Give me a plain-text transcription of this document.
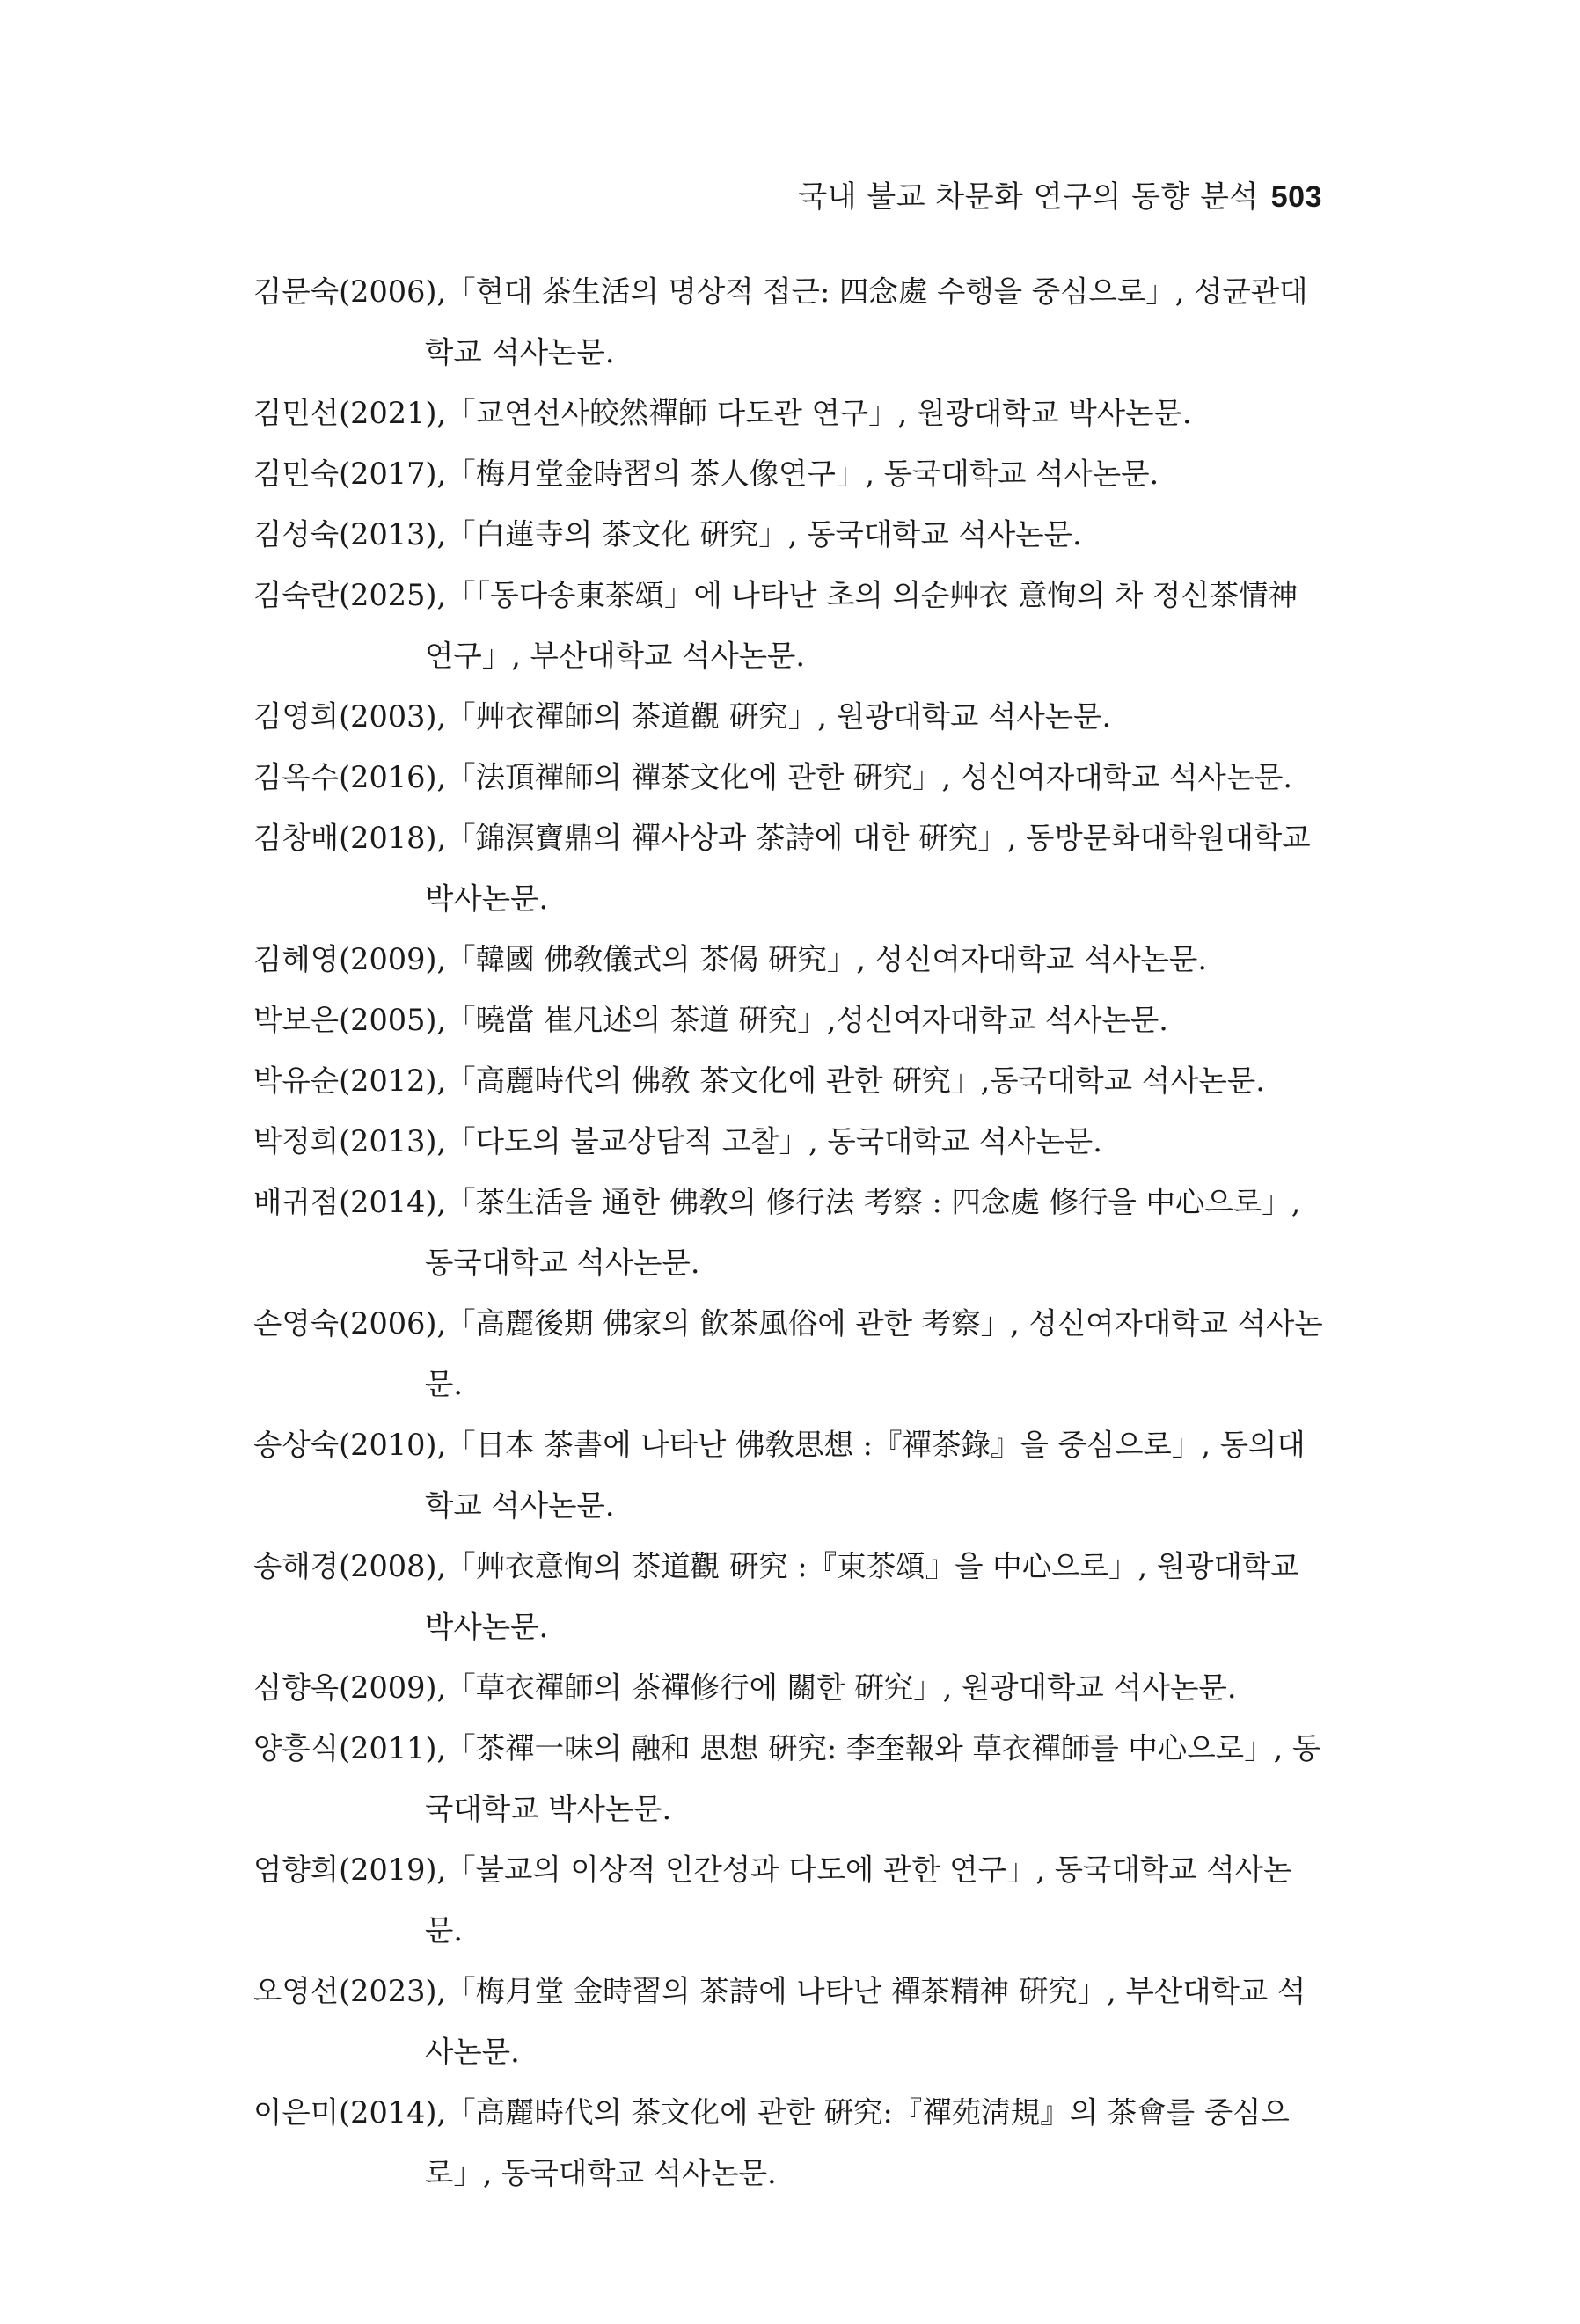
국내 불교 차문화 연구의 동향 분석 503
김문숙(2006),「현대 茶生活의 명상적 접근: 四念處 수행을 중심으로」, 성균관대학교 석사논문.
김민선(2021),「교연선사皎然禪師 다도관 연구」, 원광대학교 박사논문.
김민숙(2017),「梅月堂金時習의 茶人像연구」, 동국대학교 석사논문.
김성숙(2013),「白蓮寺의 茶文化 硏究」, 동국대학교 석사논문.
김숙란(2025),「「동다송東茶頌」에 나타난 초의 의순艸衣 意恂의 차 정신茶情神 연구」, 부산대학교 석사논문.
김영희(2003),「艸衣禪師의 茶道觀 硏究」, 원광대학교 석사논문.
김옥수(2016),「法頂禪師의 禪茶文化에 관한 硏究」, 성신여자대학교 석사논문.
김창배(2018),「錦溟寶鼎의 禪사상과 茶詩에 대한 硏究」, 동방문화대학원대학교 박사논문.
김혜영(2009),「韓國 佛敎儀式의 茶偈 硏究」, 성신여자대학교 석사논문.
박보은(2005),「曉當 崔凡述의 茶道 硏究」,성신여자대학교 석사논문.
박유순(2012),「高麗時代의 佛敎 茶文化에 관한 硏究」,동국대학교 석사논문.
박정희(2013),「다도의 불교상담적 고찰」, 동국대학교 석사논문.
배귀점(2014),「茶生活을 通한 佛敎의 修行法 考察 : 四念處 修行을 中心으로」, 동국대학교 석사논문.
손영숙(2006),「高麗後期 佛家의 飮茶風俗에 관한 考察」, 성신여자대학교 석사논문.
송상숙(2010),「日本 茶書에 나타난 佛敎思想 :『禪茶錄』을 중심으로」, 동의대학교 석사논문.
송해경(2008),「艸衣意恂의 茶道觀 硏究 :『東茶頌』을 中心으로」, 원광대학교 박사논문.
심향옥(2009),「草衣禪師의 茶禪修行에 關한 硏究」, 원광대학교 석사논문.
양흥식(2011),「茶禪一味의 融和 思想 硏究: 李奎報와 草衣禪師를 中心으로」, 동국대학교 박사논문.
엄향희(2019),「불교의 이상적 인간성과 다도에 관한 연구」, 동국대학교 석사논문.
오영선(2023),「梅月堂 金時習의 茶詩에 나타난 禪茶精神 硏究」, 부산대학교 석사논문.
이은미(2014),「高麗時代의 茶文化에 관한 硏究:『禪苑淸規』의 茶會를 중심으로」, 동국대학교 석사논문.
